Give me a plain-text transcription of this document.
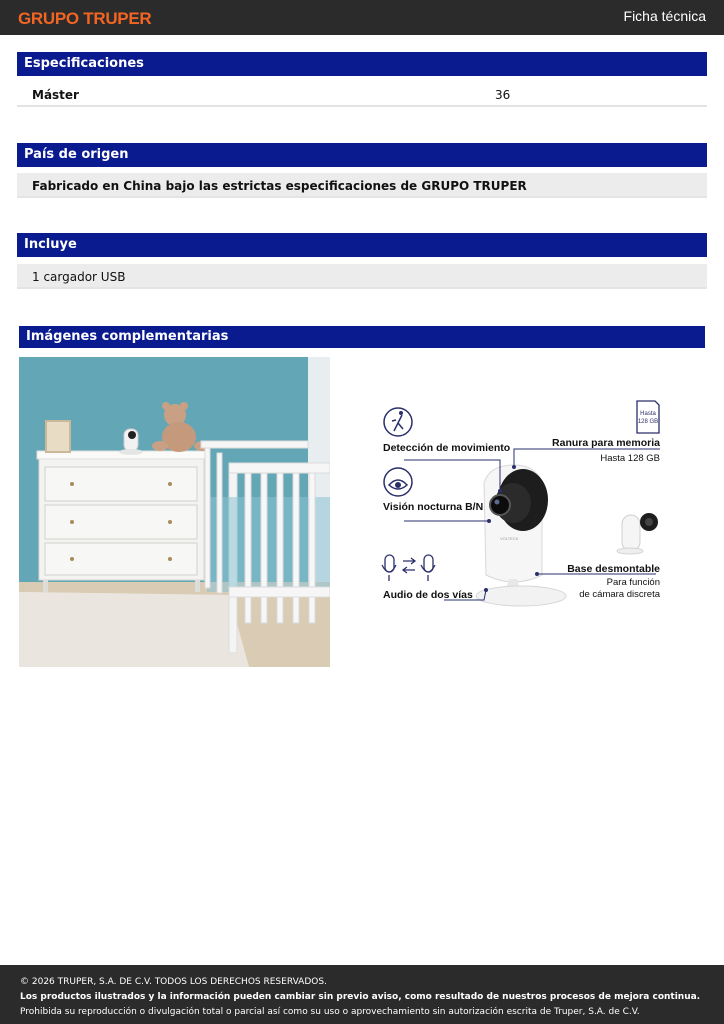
GRUPO TRUPER	Ficha técnica
Especificaciones
Máster	36
País de origen
Fabricado en China bajo las estrictas especificaciones de GRUPO TRUPER
Incluye
1 cargador USB
Imágenes complementarias
Detección de movimiento
Visión nocturna B/N
Audio de dos vías
Hasta
128 GB
Ranura para memoria
Hasta 128 GB
VOLTECK
Base desmontable
Para función
de cámara discreta
© 2026 TRUPER, S.A. DE C.V. TODOS LOS DERECHOS RESERVADOS.
Los productos ilustrados y la información pueden cambiar sin previo aviso, como resultado de nuestros procesos de mejora continua.
Prohibida su reproducción o divulgación total o parcial así como su uso o aprovechamiento sin autorización escrita de Truper, S.A. de C.V.
